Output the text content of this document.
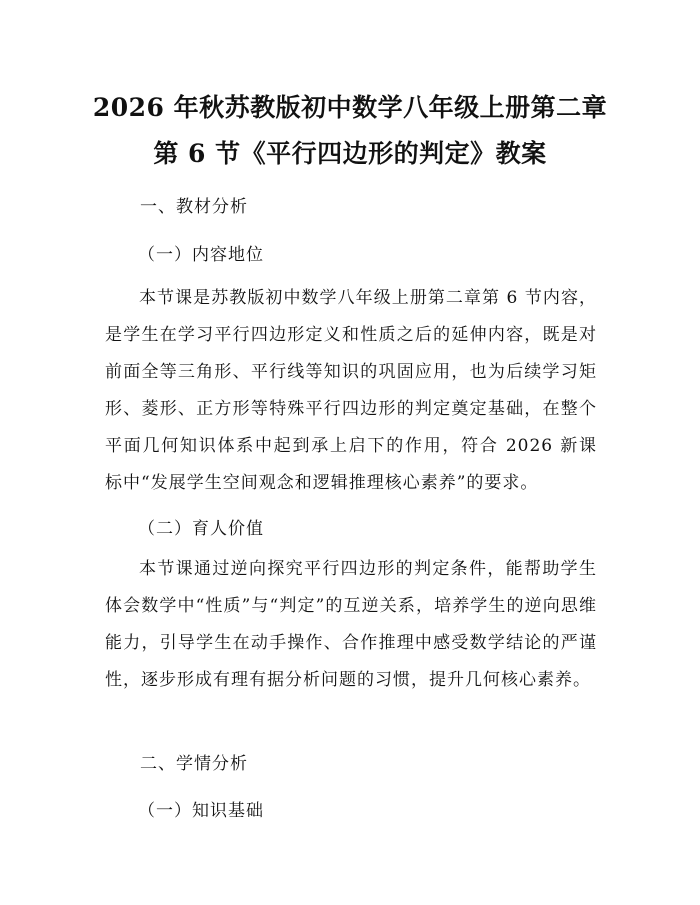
2026 年秋苏教版初中数学八年级上册第二章
第 6 节《平行四边形的判定》教案
一、教材分析
（一）内容地位
本节课是苏教版初中数学八年级上册第二章第 6 节内容，是学生在学习平行四边形定义和性质之后的延伸内容，既是对前面全等三角形、平行线等知识的巩固应用，也为后续学习矩形、菱形、正方形等特殊平行四边形的判定奠定基础，在整个平面几何知识体系中起到承上启下的作用，符合 2026 新课标中“发展学生空间观念和逻辑推理核心素养”的要求。
（二）育人价值
本节课通过逆向探究平行四边形的判定条件，能帮助学生体会数学中“性质”与“判定”的互逆关系，培养学生的逆向思维能力，引导学生在动手操作、合作推理中感受数学结论的严谨性，逐步形成有理有据分析问题的习惯，提升几何核心素养。
二、学情分析
（一）知识基础
